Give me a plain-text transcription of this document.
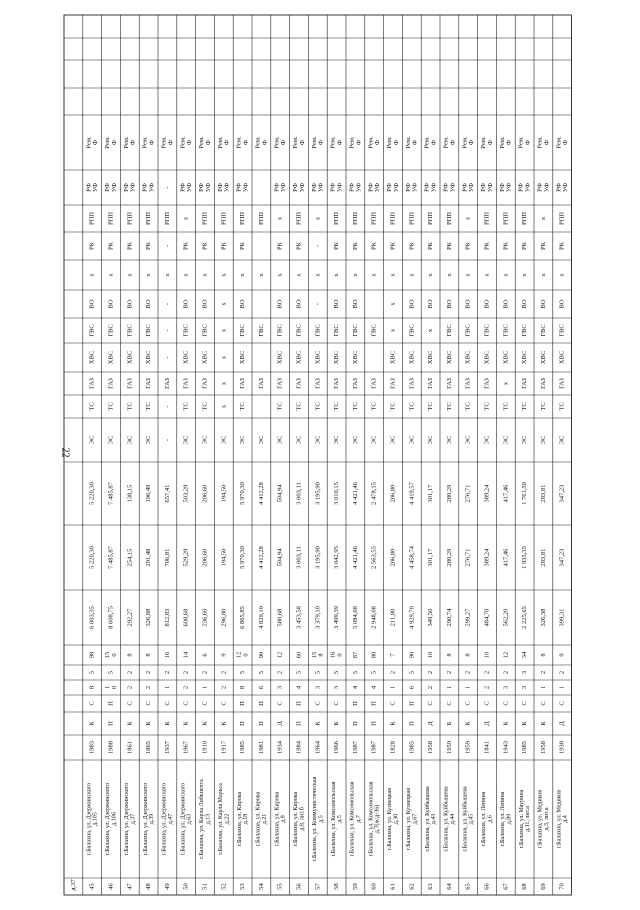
22
д.37 45
г.Балахна, ул. Дзержинского д.105
1983
К
С
8
5
98
6 003,35
5 220,30
5 220,30
ЭС
ТС
ГАЗ
ХВС
ГВС
ВО
х
РК
РПП
РФ УФ
Рем. Ф
46
г.Балахна, ул. Дзержинского д.106
1988
П
П
1 0
5
15 0
8 608,75
7 485,87
7 485,87
ЭС
ТС
ГАЗ
ХВС
ГВС
ВО
х
РК
РПП
РФ УФ
Рем. Ф
47
г.Балахна, ул. Дзержинского д.37
1861
К
С
2
2
8
292,27
254,15
138,15
ЭС
ТС
ГАЗ
ХВС
ГВС
ВО
х
РК
РПП
РФ УФ
Рем. Ф
48
г.Балахна, ул. Дзержинского д.39
1865
К
С
2
2
8
326,88
291,48
196,49
ЭС
ТС
ГАЗ
ХВС
ГВС
ВО
х
РК
РПП
РФ УФ
Рем. Ф
49
г.Балахна, ул. Дзержинского д.47
1937
К
С
1
2
16
812,83
706,81
657,41
-
-
ГАЗ
-
-
-
х
-
РПП
-
Рем. Ф
50
г.Балахна, ул. Дзержинского д.63
1967
К
С
2
2
14
608,68
529,29
503,29
ЭС
ТС
ГАЗ
ХВС
ГВС
ВО
х
РК
х
РФ УФ
Рем. Ф
51
г.Балахна, ул. Карла Либкнехта д.13
1910
К
С
1
2
6
236,60
206,60
206,60
ЭС
ТС
ГАЗ
ХВС
ГВС
ВО
х
РК
РПП
РФ УФ
Рем. Ф
52
г.Балахна, ул. Карла Маркса д.22
1917
К
С
2
2
9
296,80
194,50
194,50
ЭС
х
х
х
х
х
х
РК
РПП
РФ УФ
Рем. Ф
53
г.Балахна, ул. Кирова д.18
1985
П
П
8
5
12 0
6 865,85
5 970,30
5 970,30
ЭС
ТС
ГАЗ
ХВС
ГВС
ВО
х
РК
РПП
РФ УФ
Рем. Ф
54
г.Балахна, ул. Кирова д.21
1981
П
П
6
5
90
4 829,10
4 412,28
4 412,28
ЭС
ГАЗ
ГВС
х
РПП
Рем. Ф
55
г.Балахна, ул. Кирова д.8
1934
Д
С
3
2
12
580,68
504,94
504,94
ЭС
ТС
ГАЗ
ХВС
ГВС
ВО
х
РК
х
РФ УФ
Рем. Ф
56
г.Балахна, ул. Кирова д.8, лит.б
1984
П
П
4
5
60
3 453,58
3 003,11
3 003,11
ЭС
ТС
ГАЗ
ХВС
ГВС
ВО
х
РК
РПП
РФ УФ
Рем. Ф
57
г.Балахна, ул. Коммунистическая д.5
1964
К
С
3
5
15 8
3 379,10
3 195,90
3 195,90
ЭС
ТС
ГАЗ
ХВС
ГВС
-
х
-
х
РФ УФ
Рем. Ф
58
г.Балахна, ул. Комсомольская д.5
1966
К
С
3
5
16 0
3 499,39
3 042,95
3 010,15
ЭС
ТС
ГАЗ
ХВС
ГВС
ВО
х
РК
РПП
РФ УФ
Рем. Ф
59
г.Балахна, ул. Комсомольская д.7
1987
П
П
4
5
87
5 084,68
4 421,46
4 421,46
ЭС
ТС
ГАЗ
ХВС
ГВС
ВО
х
РК
РПП
РФ УФ
Рем. Ф
60
г.Балахна, ул. Комсомольская д.7(ж/д-36)
1987
П
П
4
5
80
2 948,08
2 563,55
2 478,15
ЭС
ТС
ГАЗ
ГВС
х
РК
РПП
РФ УФ
Рем. Ф
61
г.Балахна, ул. Кузнецкая д.30
1828
К
С
1
2
7
211,80
206,80
206,80
ЭС
ТС
ГАЗ
ХВС
х
х
х
РК
РПП
РФ УФ
Рем. Ф
62
г.Балахна, ул. Кузнецкая д.67
1985
П
П
6
5
90
4 929,70
4 458,74
4 419,57
ЭС
ТС
ГАЗ
ХВС
ГВС
ВО
х
РК
РПП
РФ УФ
Рем. Ф
63
г.Балахна, ул. Куйбышева д.43
1958
Д
С
2
2
10
349,50
301,17
301,17
ЭС
ТС
ГАЗ
ХВС
х
ВО
х
РК
РПП
РФ УФ
Рем. Ф
64
г.Балахна, ул. Куйбышева д.44
1959
Б
С
1
2
8
290,74
280,29
280,29
ЭС
ТС
ГАЗ
ХВС
ГВС
ВО
х
РК
РПП
РФ УФ
Рем. Ф
65
г.Балахна, ул. Куйбышева д.45
1959
К
С
1
2
8
299,27
276,71
276,71
ЭС
ТС
ГАЗ
ХВС
ГВС
ВО
х
РК
х
РФ УФ
Рем. Ф
66
г.Балахна, ул. Ленина д.6
1841
Д
С
2
2
10
484,70
389,24
389,24
ЭС
ТС
ГАЗ
ХВС
ГВС
ВО
х
РК
РПП
РФ УФ
Рем. Ф
67
г.Балахна, ул. Ленина д.89
1943
К
С
3
2
12
562,20
417,46
417,46
ЭС
ТС
х
ХВС
ГВС
ВО
х
РК
РПП
РФ УФ
Рем. Ф
68
г.Балахна, ул. Маурина д.11, лит.а
1985
К
С
3
3
34
2 225,65
1 935,35
1 761,59
ЭС
ТС
ГАЗ
ХВС
ГВС
ВО
х
РК
РПП
РФ УФ
Рем. Ф
69
г.Балахна, ул. Медиков д.3, лит.а
1958
К
С
1
2
8
326,38
283,81
283,81
ЭС
ТС
ГАЗ
ХВС
ГВС
ВО
х
РК
х
РФ УФ
Рем. Ф
70
г.Балахна, ул. Медиков д.4
1938
Д
С
1
2
9
399,31
347,23
347,23
ЭС
ТС
ГАЗ
ХВС
ГВС
ВО
х
РК
РПП
РФ УФ
Рем. Ф
